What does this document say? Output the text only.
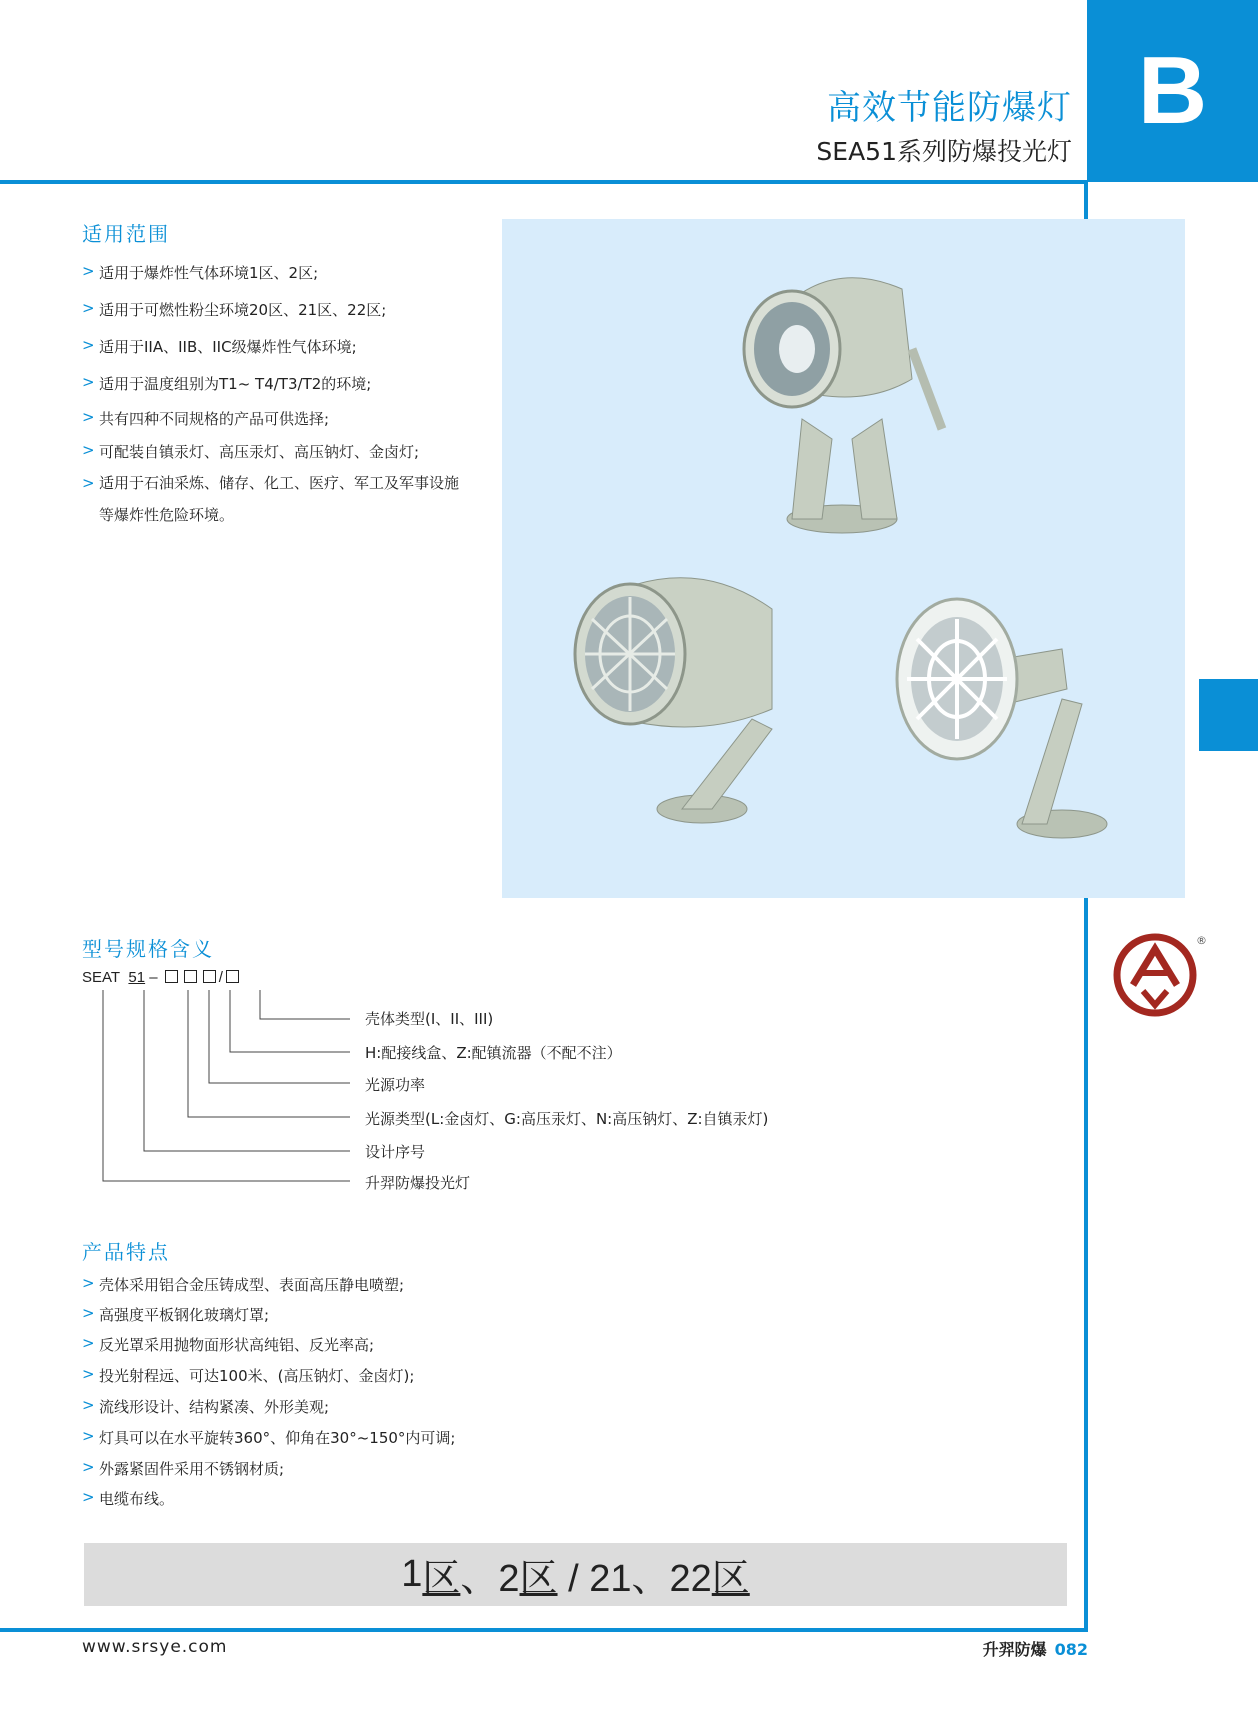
B
高效节能防爆灯
SEA51系列防爆投光灯
适用范围
> 适用于爆炸性气体环境1区、2区;
> 适用于可燃性粉尘环境20区、21区、22区;
> 适用于IIA、IIB、IIC级爆炸性气体环境;
> 适用于温度组别为T1~ T4/T3/T2的环境;
> 共有四种不同规格的产品可供选择;
> 可配装自镇汞灯、高压汞灯、高压钠灯、金卤灯;
> 适用于石油采炼、储存、化工、医疗、军工及军事设施等爆炸性危险环境。
型号规格含义
SEAT 51 –	/
壳体类型(I、II、III)
H:配接线盒、Z:配镇流器（不配不注）
光源功率
光源类型(L:金卤灯、G:高压汞灯、N:高压钠灯、Z:自镇汞灯)
设计序号
升羿防爆投光灯
产品特点
> 壳体采用铝合金压铸成型、表面高压静电喷塑;
> 高强度平板钢化玻璃灯罩;
> 反光罩采用抛物面形状高纯铝、反光率高;
> 投光射程远、可达100米、(高压钠灯、金卤灯);
> 流线形设计、结构紧凑、外形美观;
> 灯具可以在水平旋转360°、仰角在30°~150°内可调;
> 外露紧固件采用不锈钢材质;
> 电缆布线。
1 区 、2 区 / 21、22 区
®
www.srsye.com	升羿防爆 082
